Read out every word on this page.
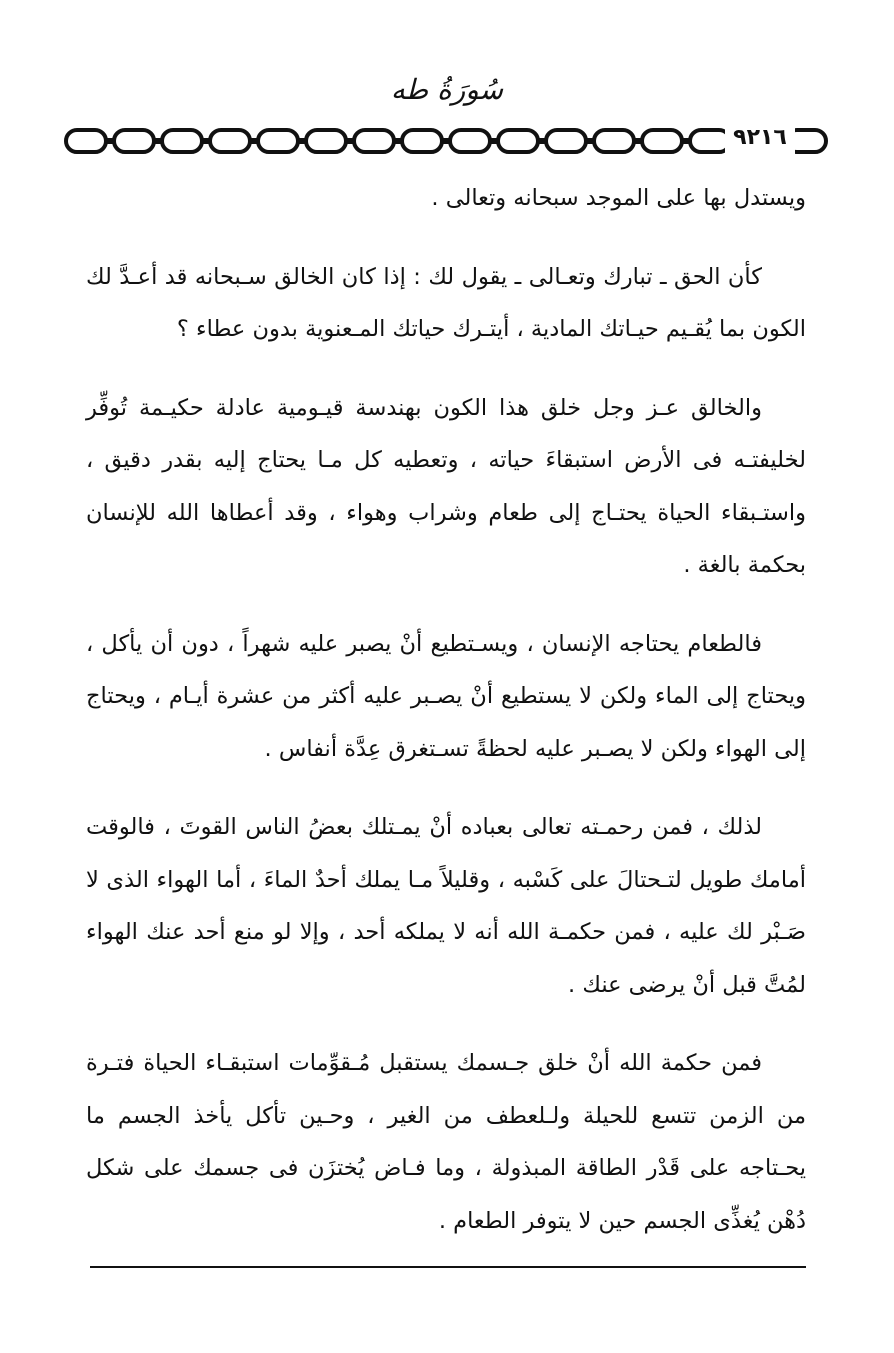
سُورَةُ طه
٩٢١٦

ويستدل بها على الموجد سبحانه وتعالى .

كأن الحق ـ تبارك وتعـالى ـ يقول لك : إذا كان الخالق سـبحانه قد أعـدَّ لك الكون بما يُقـيم حيـاتك المادية ، أيتـرك حياتك المـعنوية بدون عطاء ؟

والخالق عـز وجل خلق هذا الكون بهندسة قيـومية عادلة حكيـمة تُوفِّر لخليفتـه فى الأرض استبقاءَ حياته ، وتعطيه كل مـا يحتاج إليه بقدر دقيق ، واستـبقاء الحياة يحتـاج إلى طعام وشراب وهواء ، وقد أعطاها الله للإنسان بحكمة بالغة .

فالطعام يحتاجه الإنسان ، ويسـتطيع أنْ يصبر عليه شهراً ، دون أن يأكل ، ويحتاج إلى الماء ولكن لا يستطيع أنْ يصـبر عليه أكثر من عشرة أيـام ، ويحتاج إلى الهواء ولكن لا يصـبر عليه لحظةً تسـتغرق عِدَّة أنفاس .

لذلك ، فمن رحمـته تعالى بعباده أنْ يمـتلك بعضُ الناس القوتَ ، فالوقت أمامك طويل لتـحتالَ على كَسْبه ، وقليلاً مـا يملك أحدٌ الماءَ ، أما الهواء الذى لا صَـبْر لك عليه ، فمن حكمـة الله أنه لا يملكه أحد ، وإلا لو منع أحد عنك الهواء لمُتَّ قبل أنْ يرضى عنك .

فمن حكمة الله أنْ خلق جـسمك يستقبل مُـقوِّمات استبقـاء الحياة فتـرة من الزمن تتسع للحيلة ولـلعطف من الغير ، وحـين تأكل يأخذ الجسم ما يحـتاجه على قَدْر الطاقة المبذولة ، وما فـاض يُختزَن فى جسمك على شكل دُهْن يُغذِّى الجسم حين لا يتوفر الطعام .
